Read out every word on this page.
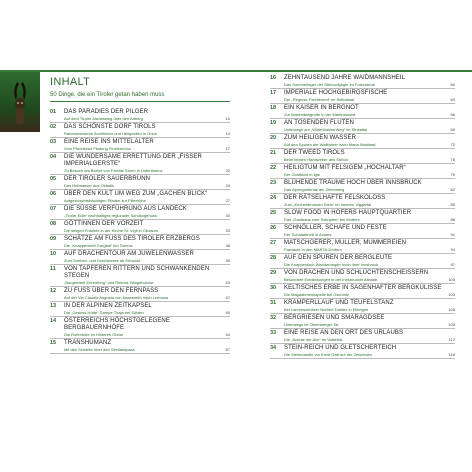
INHALT
50 Dinge, die ein Tiroler getan haben muss
01	DAS PARADIES DER PILGER
Auf dem Tiroler Jakobsweg über den Arlberg	10
02	DAS SCHÖNSTE DORF TIROLS
Ratoromanische Architektur und Heilquellen in Grins	14
03	EINE REISE INS MITTELALTER
Vom Pfundsztur Festung Finstermünz	17
04	DIE WUNDERSAME ERRETTUNG DER „FISSER IMPERIALGERSTE“
Zu Besuch am Biohof von Familie Sturm in Untertösens	20
05	DER TIROLER SAUERBRUNN
Das Heilwasser aus Obladis	24
06	ÜBER DEN KULT UM WEG ZUM „GACHEN BLICK“
Aufgeschichtsträchtigen Pfaden zur Pillerhöhe	27
07	DIE SÜSSE VERFÜHRUNG AUS LANDECK
„Tiroler Edle“ nachhaltiges regionaler Schokogenuss	30
08	GÖTTINNEN DER VORZEIT
Die seligen Fräulein in der Kirche St. Vigil in Obsaurs	33
09	SCHÄTZE AM FUSS DES TIROLER ERZBERGS
Die „Knappenwelt Gurgltal“ bei Tarrenz	36
10	AUF DRACHENTOUR AM JUWELENWASSER
Zum Seeben- und Drachensee ab Ehrwald	39
11	VON TAPFEREN RITTERN UND SCHWANKENDEN STEGEN
„Burgenwelt Ehrenberg“ und Rekord-Hängebrücke	43
12	ZU FUSS ÜBER DEN FERNPASS
Auf der Via Claudia Augusta von Nassereith nach Lermoos	47
13	IN DER ALPINEN ZEITKAPSEL
Die „Gerluss-Hütte“ Gampe Thaja bei Sölden	50
14	ÖSTERREICHS HÖCHSTGELEGENE BERGBAUERNHÖFE
Die Rofenhöfe im Hinteren Ötztal	54
15	TRANSHUMANZ
Mit den Schafen über den Similaunpass	57
16	ZEHNTAUSEND JAHRE WAIDMANNSHEIL
Das Sommerlager der Steinzeitjäger im Fotschertal	60
17	IMPERIALE HOCHGEBIRGSFISCHE
Der „Regiuse Forellenhof“ im Sellraintal	63
18	EIN KAISER IN BERGNOT
Zur Maximiliangrotte in der Martinswand	66
19	AN TOSENDEN FLUTEN
Unterwegs am „WildeWasserWeg“ im Stubaital	69
20	ZUM HEILIGEN WASSER
Auf den Spuren der Wallfahrer nach Maria Waldrast	72
21	DER TWEED TIROLS
Beim letzten Handweber des Stubai	76
22	HEILIGTUM MIT FELSIGEM „HOCHALTAR“
Der Goldbichl in Igls	79
23	BLÜHENDE TRÄUME HOCH ÜBER INNSBRUCK
Das Alpengartental am Zirbenweg	82
24	DER RÄTSELHAFTE FELSKOLOSS
Zum „Kirchenbrunnen Stein“ im Inneren Viggartal	85
25	SLOW FOOD IN HOFERS HAUPTQUARTIER
Das „Gasthaus zum Schupfen“ bei Mutters	88
26	SCHNÖLLER, SCHAFE UND FESTE
Der Schafabtrieb in Axams	91
27	MATSCHGERER, MULLER, MUMMEREIEN
Fasnacht in den MARTA-Dörfern	94
28	AUF DEN SPUREN DER BERGLEUTE
Die Knappenloch-Wanderungen hoch über Innsbruck	97
29	VON DRACHEN UND SCHLÜCHTENSCHEISSERN
Besondere Entdeckungen in der Innsbrucker Altstadt	100
30	KELTISCHES ERBE IN SAGENHAFTER BERGKULISSE
Die Magdalenenkapelle bei Gschnitz	103
31	KRAMPERLLAUF UND TEUFELSTANZ
Bei Larvenschnitzer Norbert Dantex in Ellbögen	106
32	BERGRIESEN UND SMARAGDSEE
Unterwegs im Obernberger Tal	109
33	EINE REISE AN DEN ORT DES URLAUBS
Die „Schule der Alm“ im Valsertal	112
34	STEIN-REICH UND GLETSCHERTEICH
Die Steinmandln vor Erich Gatt auf der Zeischalm	116
